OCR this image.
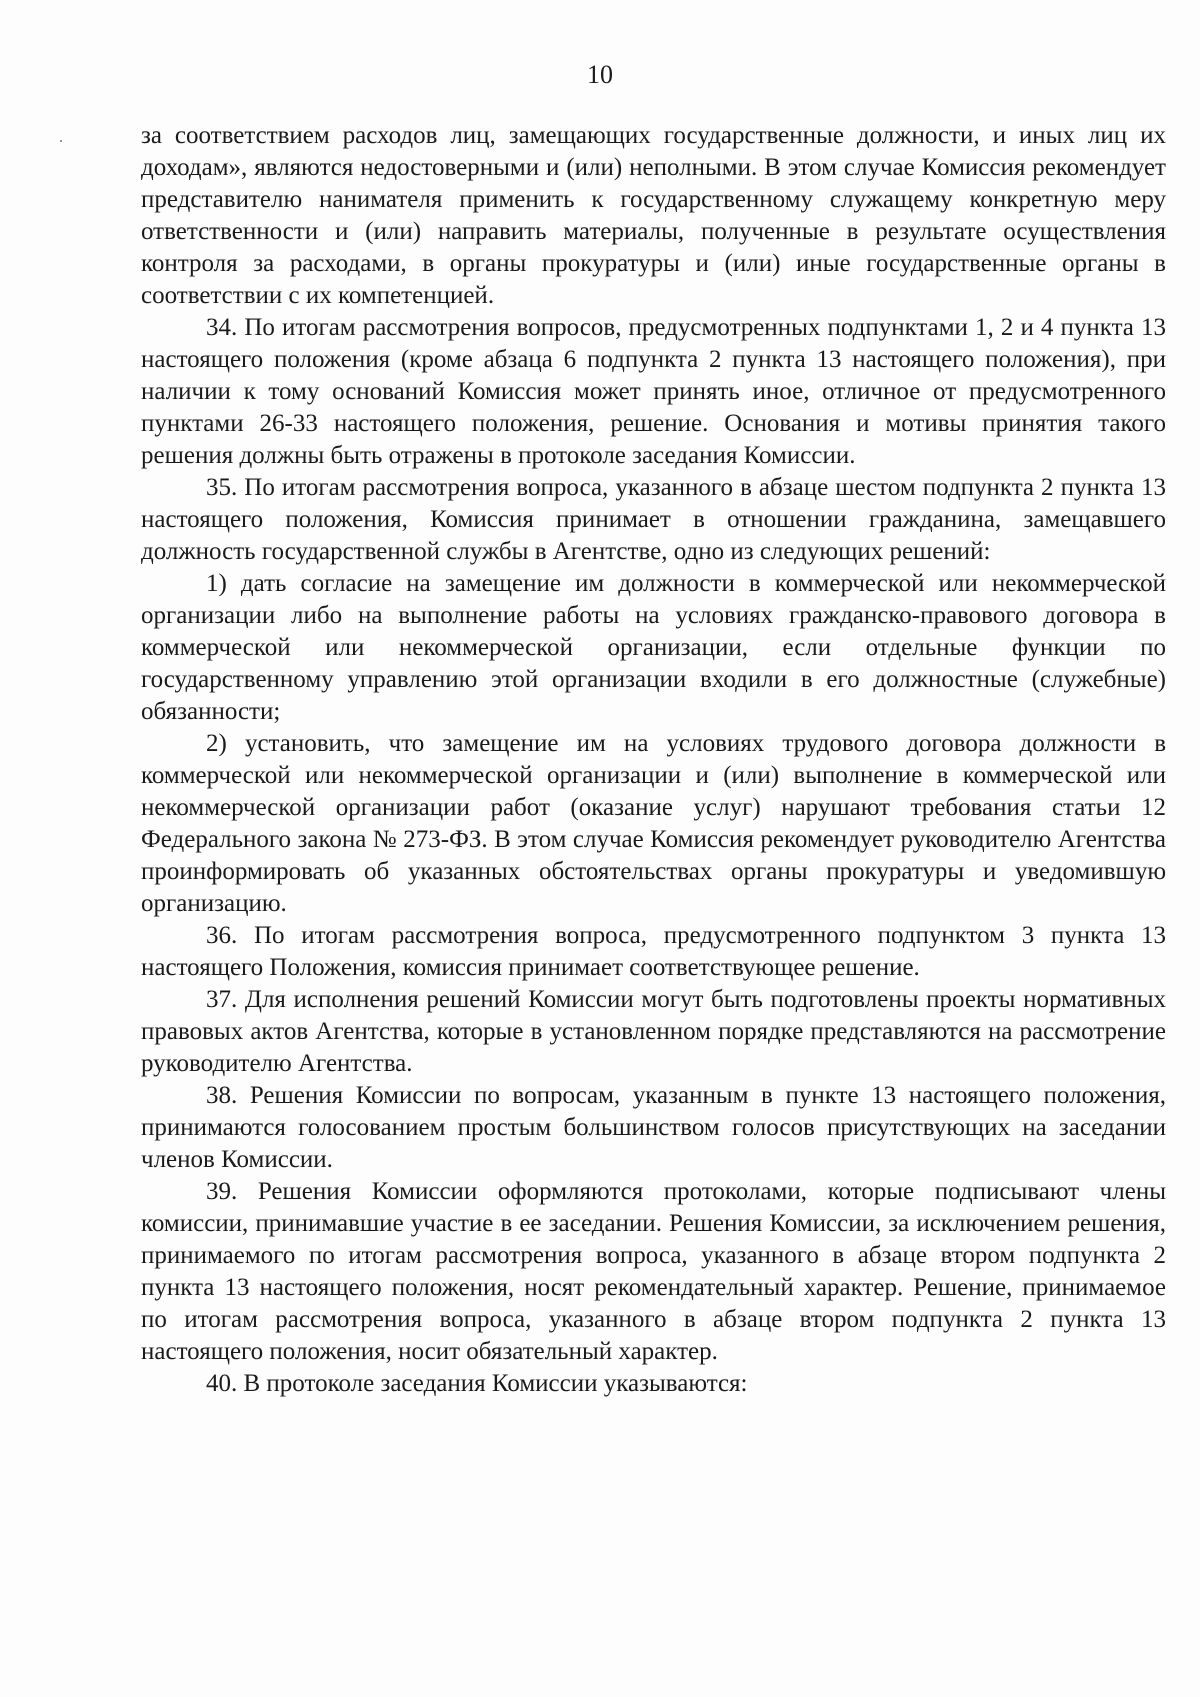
10

за соответствием расходов лиц, замещающих государственные должности, и иных лиц их доходам», являются недостоверными и (или) неполными. В этом случае Комиссия рекомендует представителю нанимателя применить к государственному служащему конкретную меру ответственности и (или) направить материалы, полученные в результате осуществления контроля за расходами, в органы прокуратуры и (или) иные государственные органы в соответствии с их компетенцией.

34. По итогам рассмотрения вопросов, предусмотренных подпунктами 1, 2 и 4 пункта 13 настоящего положения (кроме абзаца 6 подпункта 2 пункта 13 настоящего положения), при наличии к тому оснований Комиссия может принять иное, отличное от предусмотренного пунктами 26-33 настоящего положения, решение. Основания и мотивы принятия такого решения должны быть отражены в протоколе заседания Комиссии.

35. По итогам рассмотрения вопроса, указанного в абзаце шестом подпункта 2 пункта 13 настоящего положения, Комиссия принимает в отношении гражданина, замещавшего должность государственной службы в Агентстве, одно из следующих решений:

1) дать согласие на замещение им должности в коммерческой или некоммерческой организации либо на выполнение работы на условиях гражданско-правового договора в коммерческой или некоммерческой организации, если отдельные функции по государственному управлению этой организации входили в его должностные (служебные) обязанности;

2) установить, что замещение им на условиях трудового договора должности в коммерческой или некоммерческой организации и (или) выполнение в коммерческой или некоммерческой организации работ (оказание услуг) нарушают требования статьи 12 Федерального закона № 273-ФЗ. В этом случае Комиссия рекомендует руководителю Агентства проинформировать об указанных обстоятельствах органы прокуратуры и уведомившую организацию.

36. По итогам рассмотрения вопроса, предусмотренного подпунктом 3 пункта 13 настоящего Положения, комиссия принимает соответствующее решение.

37. Для исполнения решений Комиссии могут быть подготовлены проекты нормативных правовых актов Агентства, которые в установленном порядке представляются на рассмотрение руководителю Агентства.

38. Решения Комиссии по вопросам, указанным в пункте 13 настоящего положения, принимаются голосованием простым большинством голосов присутствующих на заседании членов Комиссии.

39. Решения Комиссии оформляются протоколами, которые подписывают члены комиссии, принимавшие участие в ее заседании. Решения Комиссии, за исключением решения, принимаемого по итогам рассмотрения вопроса, указанного в абзаце втором подпункта 2 пункта 13 настоящего положения, носят рекомендательный характер. Решение, принимаемое по итогам рассмотрения вопроса, указанного в абзаце втором подпункта 2 пункта 13 настоящего положения, носит обязательный характер.

40. В протоколе заседания Комиссии указываются:
